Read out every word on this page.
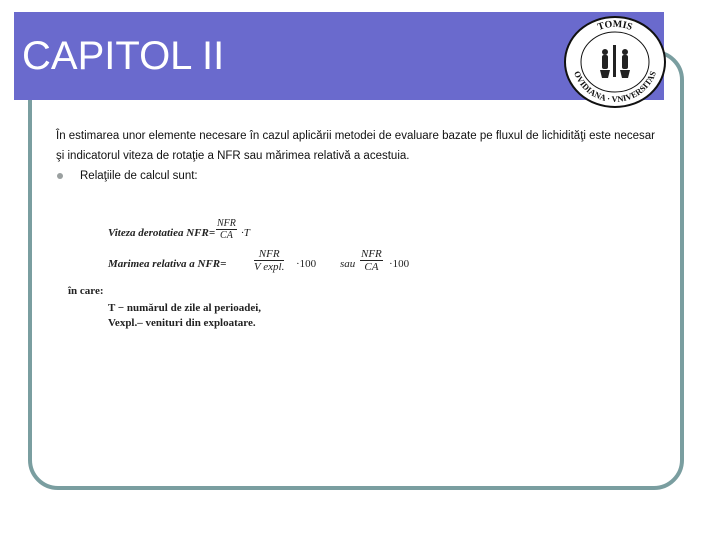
CAPITOL II
TOMIS
OVIDIANA · VNIVERSITAS

În estimarea unor elemente necesare în cazul aplicării metodei de evaluare bazate pe fluxul de lichidităţi este necesar şi indicatorul viteza de rotaţie a NFR sau mărimea relativă a acestuia.

Relaţiile de calcul sunt:

Viteza derotatiea NFR=
NFR
CA ·T
Marimea relativa a NFR=
NFR
V expl. ·100 sau
NFR
CA ·100
în care:
T − numărul de zile al perioadei,
Vexpl.– venituri din exploatare.
